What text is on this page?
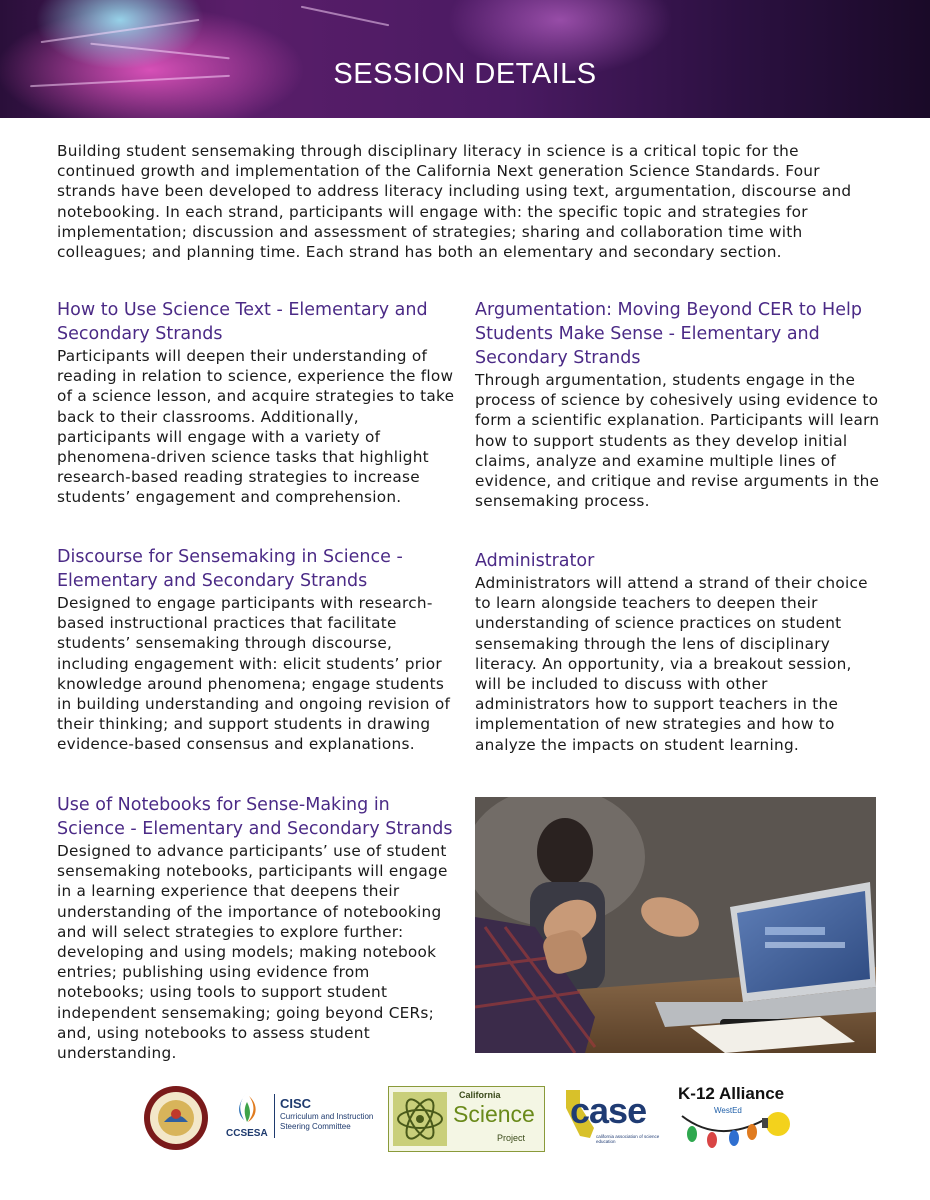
SESSION DETAILS

Building student sensemaking through disciplinary literacy in science is a critical topic for the continued growth and implementation of the California Next generation Science Standards. Four strands have been developed to address literacy including using text, argumentation, discourse and notebooking. In each strand, participants will engage with: the specific topic and strategies for implementation; discussion and assessment of strategies; sharing and collaboration time with colleagues; and planning time. Each strand has both an elementary and secondary section.

How to Use Science Text - Elementary and Secondary Strands

Participants will deepen their understanding of reading in relation to science, experience the flow of a science lesson, and acquire strategies to take back to their classrooms. Additionally, participants will engage with a variety of phenomena-driven science tasks that highlight research-based reading strategies to increase students’ engagement and comprehension.

Argumentation: Moving Beyond CER to Help Students Make Sense - Elementary and Secondary Strands

Through argumentation, students engage in the process of science by cohesively using evidence to form a scientific explanation. Participants will learn how to support students as they develop initial claims, analyze and examine multiple lines of evidence, and critique and revise arguments in the sensemaking process.

Discourse for Sensemaking in Science - Elementary and Secondary Strands

Designed to engage participants with research-based instructional practices that facilitate students’ sensemaking through discourse, including engagement with: elicit students’ prior knowledge around phenomena; engage students in building understanding and ongoing revision of their thinking; and support students in drawing evidence-based consensus and explanations.

Administrator

Administrators will attend a strand of their choice to learn alongside teachers to deepen their understanding of science practices on student sensemaking through the lens of disciplinary literacy. An opportunity, via a breakout session, will be included to discuss with other administrators how to support teachers in the implementation of new strategies and how to analyze the impacts on student learning.

Use of Notebooks for Sense-Making in Science - Elementary and Secondary Strands

Designed to advance participants’ use of student sensemaking notebooks, participants will engage in a learning experience that deepens their understanding of the importance of notebooking and will select strategies to explore further: developing and using models; making notebook entries; publishing using evidence from notebooks; using tools to support student independent sensemaking; going beyond CERs; and, using notebooks to assess student understanding.

CCSESA
CISC
Curriculum and Instruction
Steering Committee
California
Science
Project
case
california association of science education
K-12 Alliance
WestEd
